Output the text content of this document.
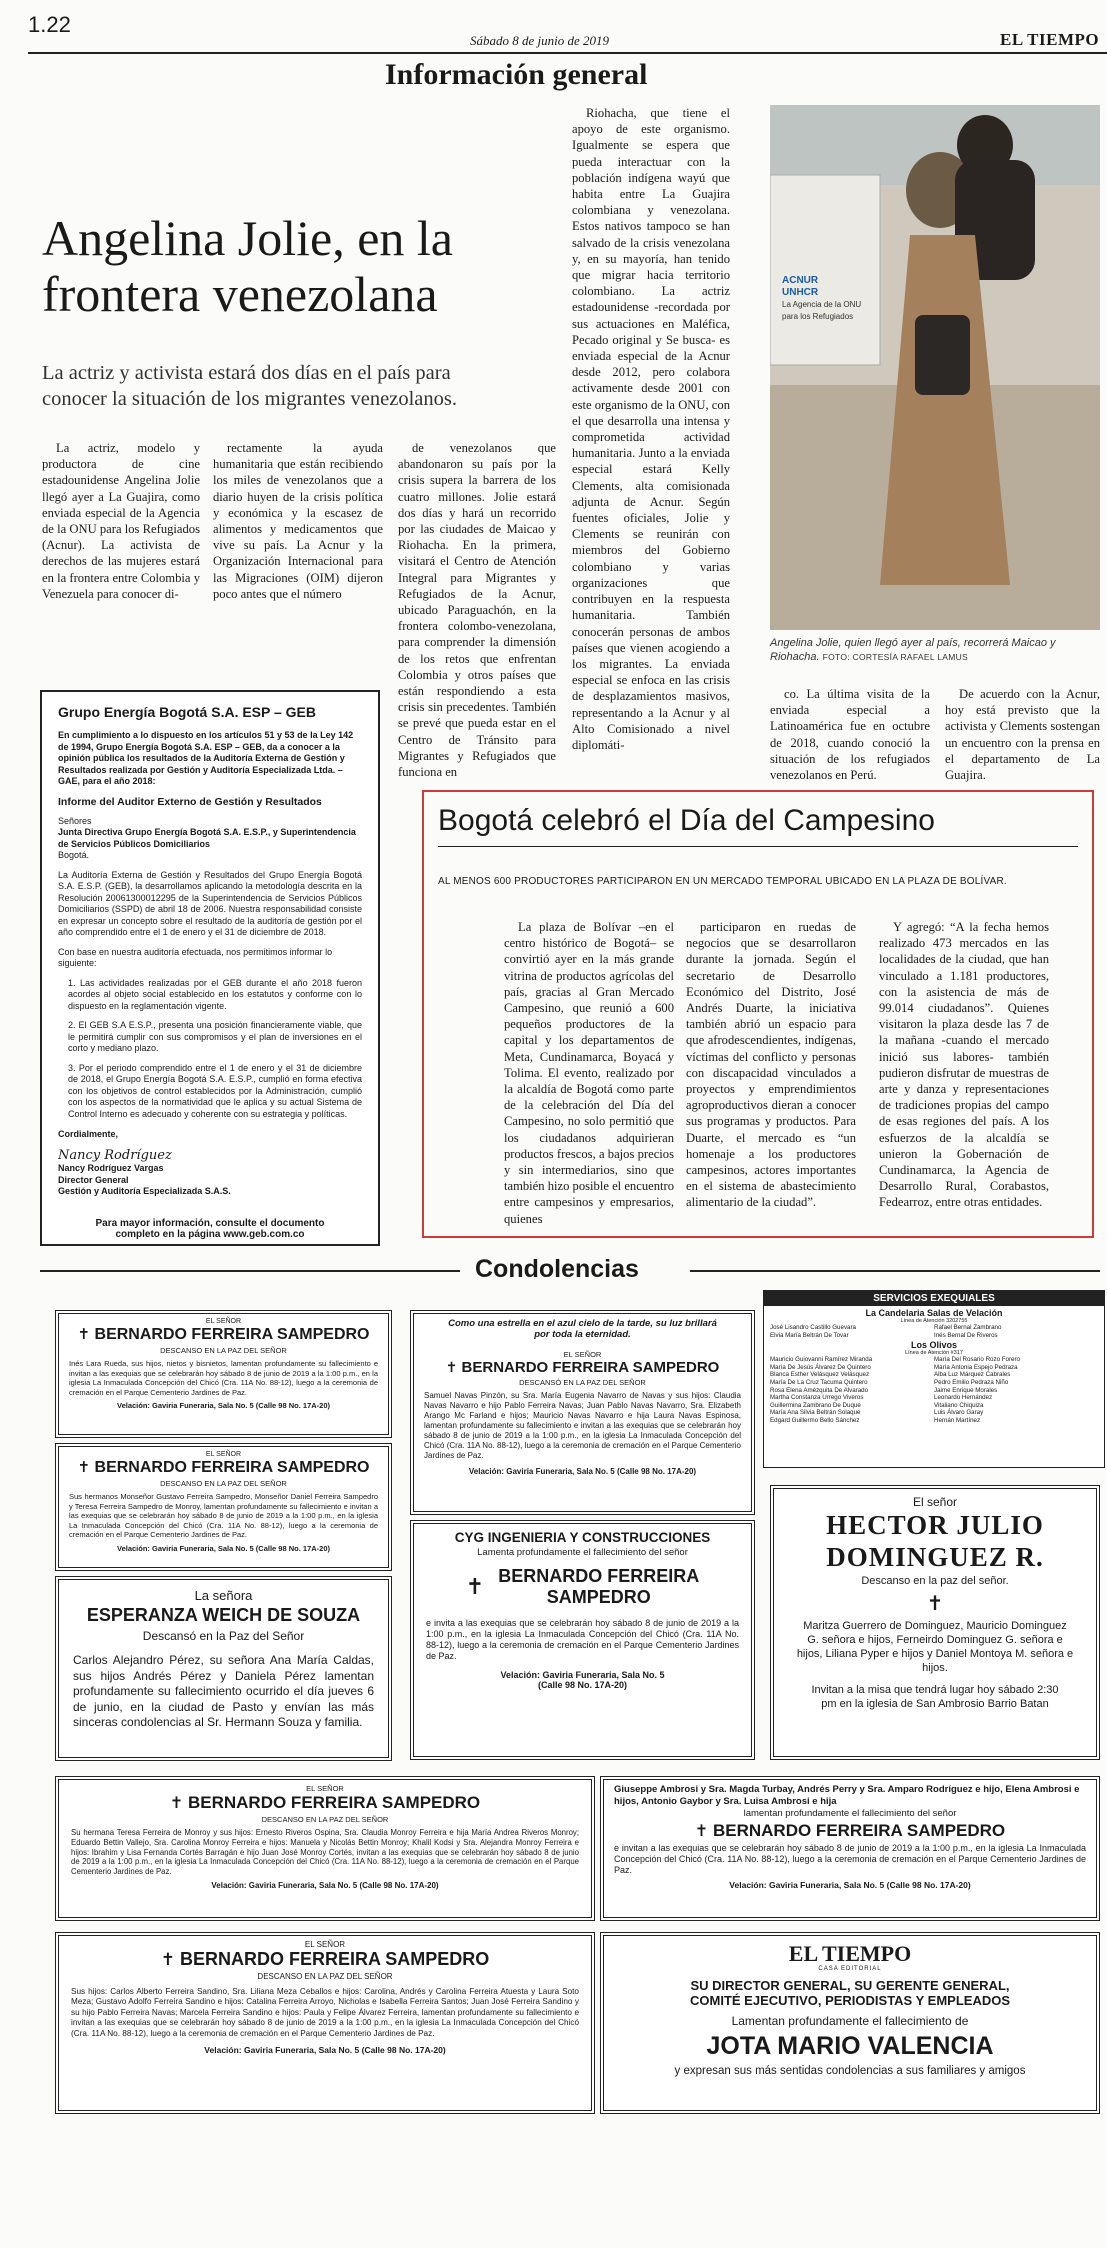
1.22
Sábado 8 de junio de 2019	EL TIEMPO
Información general
Angelina Jolie, en la frontera venezolana
La actriz y activista estará dos días en el país para conocer la situación de los migrantes venezolanos.

La actriz, modelo y productora de cine estadounidense Angelina Jolie llegó ayer a La Guajira, como enviada especial de la Agencia de la ONU para los Refugiados (Acnur). La activista de derechos de las mujeres estará en la frontera entre Colombia y Venezuela para conocer di-

rectamente la ayuda humanitaria que están recibiendo los miles de venezolanos que a diario huyen de la crisis política y económica y la escasez de alimentos y medicamentos que vive su país. La Acnur y la Organización Internacional para las Migraciones (OIM) dijeron poco antes que el número

de venezolanos que abandonaron su país por la crisis supera la barrera de los cuatro millones. Jolie estará dos días y hará un recorrido por las ciudades de Maicao y Riohacha. En la primera, visitará el Centro de Atención Integral para Migrantes y Refugiados de la Acnur, ubicado Paraguachón, en la frontera colombo-venezolana, para comprender la dimensión de los retos que enfrentan Colombia y otros países que están respondiendo a esta crisis sin precedentes. También se prevé que pueda estar en el Centro de Tránsito para Migrantes y Refugiados que funciona en

Riohacha, que tiene el apoyo de este organismo. Igualmente se espera que pueda interactuar con la población indígena wayú que habita entre La Guajira colombiana y venezolana. Estos nativos tampoco se han salvado de la crisis venezolana y, en su mayoría, han tenido que migrar hacia territorio colombiano. La actriz estadounidense -recordada por sus actuaciones en Maléfica, Pecado original y Se busca- es enviada especial de la Acnur desde 2012, pero colabora activamente desde 2001 con este organismo de la ONU, con el que desarrolla una intensa y comprometida actividad humanitaria. Junto a la enviada especial estará Kelly Clements, alta comisionada adjunta de Acnur. Según fuentes oficiales, Jolie y Clements se reunirán con miembros del Gobierno colombiano y varias organizaciones que contribuyen en la respuesta humanitaria. También conocerán personas de ambos países que vienen acogiendo a los migrantes. La enviada especial se enfoca en las crisis de desplazamientos masivos, representando a la Acnur y al Alto Comisionado a nivel diplomáti-

co. La última visita de la enviada especial a Latinoamérica fue en octubre de 2018, cuando conoció la situación de los refugiados venezolanos en Perú.

De acuerdo con la Acnur, hoy está previsto que la activista y Clements sostengan un encuentro con la prensa en el departamento de La Guajira.

ACNUR
UNHCR
La Agencia de la ONU
para los Refugiados
Angelina Jolie, quien llegó ayer al país, recorrerá Maicao y Riohacha. FOTO: CORTESÍA RAFAEL LAMUS
Grupo Energía Bogotá S.A. ESP – GEB
En cumplimiento a lo dispuesto en los artículos 51 y 53 de la Ley 142 de 1994, Grupo Energía Bogotá S.A. ESP – GEB, da a conocer a la opinión pública los resultados de la Auditoría Externa de Gestión y Resultados realizada por Gestión y Auditoría Especializada Ltda. – GAE, para el año 2018:
Informe del Auditor Externo de Gestión y Resultados
Señores
Junta Directiva Grupo Energía Bogotá S.A. E.S.P., y Superintendencia de Servicios Públicos Domiciliarios
Bogotá.
La Auditoría Externa de Gestión y Resultados del Grupo Energía Bogotá S.A. E.S.P. (GEB), la desarrollamos aplicando la metodología descrita en la Resolución 20061300012295 de la Superintendencia de Servicios Públicos Domiciliarios (SSPD) de abril 18 de 2006. Nuestra responsabilidad consiste en expresar un concepto sobre el resultado de la auditoría de gestión por el año comprendido entre el 1 de enero y el 31 de diciembre de 2018.
Con base en nuestra auditoría efectuada, nos permitimos informar lo siguiente:
1. Las actividades realizadas por el GEB durante el año 2018 fueron acordes al objeto social establecido en los estatutos y conforme con lo dispuesto en la reglamentación vigente.
2. El GEB S.A E.S.P., presenta una posición financieramente viable, que le permitirá cumplir con sus compromisos y el plan de inversiones en el corto y mediano plazo.
3. Por el periodo comprendido entre el 1 de enero y el 31 de diciembre de 2018, el Grupo Energía Bogotá S.A. E.S.P., cumplió en forma efectiva con los objetivos de control establecidos por la Administración, cumplió con los aspectos de la normatividad que le aplica y su actual Sistema de Control Interno es adecuado y coherente con su estrategia y políticas.
Cordialmente,
Nancy Rodríguez
Nancy Rodríguez Vargas
Director General
Gestión y Auditoría Especializada S.A.S.
Para mayor información, consulte el documento completo en la página www.geb.com.co
Bogotá celebró el Día del Campesino
AL MENOS 600 PRODUCTORES PARTICIPARON EN UN MERCADO TEMPORAL UBICADO EN LA PLAZA DE BOLÍVAR.

La plaza de Bolívar –en el centro histórico de Bogotá– se convirtió ayer en la más grande vitrina de productos agrícolas del país, gracias al Gran Mercado Campesino, que reunió a 600 pequeños productores de la capital y los departamentos de Meta, Cundinamarca, Boyacá y Tolima. El evento, realizado por la alcaldía de Bogotá como parte de la celebración del Día del Campesino, no solo permitió que los ciudadanos adquirieran productos frescos, a bajos precios y sin intermediarios, sino que también hizo posible el encuentro entre campesinos y empresarios, quienes

participaron en ruedas de negocios que se desarrollaron durante la jornada. Según el secretario de Desarrollo Económico del Distrito, José Andrés Duarte, la iniciativa también abrió un espacio para que afrodescendientes, indígenas, víctimas del conflicto y personas con discapacidad vinculados a proyectos y emprendimientos agroproductivos dieran a conocer sus programas y productos. Para Duarte, el mercado es “un homenaje a los productores campesinos, actores importantes en el sistema de abastecimiento alimentario de la ciudad”.

Y agregó: “A la fecha hemos realizado 473 mercados en las localidades de la ciudad, que han vinculado a 1.181 productores, con la asistencia de más de 99.014 ciudadanos”. Quienes visitaron la plaza desde las 7 de la mañana -cuando el mercado inició sus labores- también pudieron disfrutar de muestras de arte y danza y representaciones de tradiciones propias del campo de esas regiones del país. A los esfuerzos de la alcaldía se unieron la Gobernación de Cundinamarca, la Agencia de Desarrollo Rural, Corabastos, Fedearroz, entre otras entidades.

Condolencias
EL SEÑOR
✝ BERNARDO FERREIRA SAMPEDRO
DESCANSO EN LA PAZ DEL SEÑOR
Inés Lara Rueda, sus hijos, nietos y bisnietos, lamentan profundamente su fallecimiento e invitan a las exequias que se celebrarán hoy sábado 8 de junio de 2019 a la 1:00 p.m., en la iglesia La Inmaculada Concepción del Chicó (Cra. 11A No. 88-12), luego a la ceremonia de cremación en el Parque Cementerio Jardines de Paz.
Velación: Gaviria Funeraria, Sala No. 5 (Calle 98 No. 17A-20)
EL SEÑOR
✝ BERNARDO FERREIRA SAMPEDRO
DESCANSO EN LA PAZ DEL SEÑOR
Sus hermanos Monseñor Gustavo Ferreira Sampedro, Monseñor Daniel Ferreira Sampedro y Teresa Ferreira Sampedro de Monroy, lamentan profundamente su fallecimiento e invitan a las exequias que se celebrarán hoy sábado 8 de junio de 2019 a la 1:00 p.m., en la iglesia La Inmaculada Concepción del Chicó (Cra. 11A No. 88-12), luego a la ceremonia de cremación en el Parque Cementerio Jardines de Paz.
Velación: Gaviria Funeraria, Sala No. 5 (Calle 98 No. 17A-20)
La señora
ESPERANZA WEICH DE SOUZA
Descansó en la Paz del Señor
Carlos Alejandro Pérez, su señora Ana María Caldas, sus hijos Andrés Pérez y Daniela Pérez lamentan profundamente su fallecimiento ocurrido el día jueves 6 de junio, en la ciudad de Pasto y envían las más sinceras condolencias al Sr. Hermann Souza y familia.
Como una estrella en el azul cielo de la tarde, su luz brillará por toda la eternidad.
EL SEÑOR
✝ BERNARDO FERREIRA SAMPEDRO
DESCANSÓ EN LA PAZ DEL SEÑOR
Samuel Navas Pinzón, su Sra. María Eugenia Navarro de Navas y sus hijos: Claudia Navas Navarro e hijo Pablo Ferreira Navas; Juan Pablo Navas Navarro, Sra. Elizabeth Arango Mc Farland e hijos; Mauricio Navas Navarro e hija Laura Navas Espinosa, lamentan profundamente su fallecimiento e invitan a las exequias que se celebrarán hoy sábado 8 de junio de 2019 a la 1:00 p.m., en la iglesia La Inmaculada Concepción del Chicó (Cra. 11A No. 88-12), luego a la ceremonia de cremación en el Parque Cementerio Jardines de Paz.
Velación: Gaviria Funeraria, Sala No. 5 (Calle 98 No. 17A-20)
CYG INGENIERIA Y CONSTRUCCIONES
Lamenta profundamente el fallecimiento del señor
✝ BERNARDO FERREIRA
SAMPEDRO
e invita a las exequias que se celebrarán hoy sábado 8 de junio de 2019 a la 1:00 p.m., en la iglesia La Inmaculada Concepción del Chicó (Cra. 11A No. 88-12), luego a la ceremonia de cremación en el Parque Cementerio Jardines de Paz.
Velación: Gaviria Funeraria, Sala No. 5
(Calle 98 No. 17A-20)
SERVICIOS EXEQUIALES
La Candelaria Salas de Velación
Línea de Atención 3202755
José Lisandro Castillo Guevara
Elvia María Beltrán De Tovar
Rafael Bernal Zambrano
Inés Bernal De Riveros
Los Olivos
Línea de Atención #317
Mauricio Guiovanni Ramírez Miranda
María De Jesús Álvarez De Quintero
Blanca Esther Velásquez Velásquez
María De La Cruz Tacuma Quintero
Rosa Elena Amézquita De Alvarado
Martha Constanza Urrego Viveros
Guillermina Zambrano De Duque
María Ana Silvia Beltrán Solaque
Edgard Guillermo Bello Sánchez
María Del Rosario Rozo Forero
María Antonia Espejo Pedraza
Alba Luz Márquez Cabrales
Pedro Emilio Pedraza Niño
Jaime Enrique Morales
Leonardo Hernández
Vitaliano Chiquiza
Luis Álvaro Garay
Hernán Martínez
El señor
HECTOR JULIO
DOMINGUEZ R.
Descanso en la paz del señor.
✝
Maritza Guerrero de Dominguez, Mauricio Dominguez G. señora e hijos, Ferneirdo Dominguez G. señora e hijos, Liliana Pyper e hijos y Daniel Montoya M. señora e hijos.
Invitan a la misa que tendrá lugar hoy sábado 2:30 pm en la iglesia de San Ambrosio Barrio Batan
EL SEÑOR
✝ BERNARDO FERREIRA SAMPEDRO
DESCANSO EN LA PAZ DEL SEÑOR
Su hermana Teresa Ferreira de Monroy y sus hijos: Ernesto Riveros Ospina, Sra. Claudia Monroy Ferreira e hija María Andrea Riveros Monroy; Eduardo Bettin Vallejo, Sra. Carolina Monroy Ferreira e hijos: Manuela y Nicolás Bettin Monroy; Khalil Kodsi y Sra. Alejandra Monroy Ferreira e hijos: Ibrahim y Lisa Fernanda Cortés Barragán e hijo Juan José Monroy Cortés, invitan a las exequias que se celebrarán hoy sábado 8 de junio de 2019 a la 1:00 p.m., en la iglesia La Inmaculada Concepción del Chicó (Cra. 11A No. 88-12), luego a la ceremonia de cremación en el Parque Cementerio Jardines de Paz.
Velación: Gaviria Funeraria, Sala No. 5 (Calle 98 No. 17A-20)
Giuseppe Ambrosi y Sra. Magda Turbay, Andrés Perry y Sra. Amparo Rodríguez e hijo, Elena Ambrosi e hijos, Antonio Gaybor y Sra. Luisa Ambrosi e hija
lamentan profundamente el fallecimiento del señor
✝ BERNARDO FERREIRA SAMPEDRO
e invitan a las exequias que se celebrarán hoy sábado 8 de junio de 2019 a la 1:00 p.m., en la iglesia La Inmaculada Concepción del Chicó (Cra. 11A No. 88-12), luego a la ceremonia de cremación en el Parque Cementerio Jardines de Paz.
Velación: Gaviria Funeraria, Sala No. 5 (Calle 98 No. 17A-20)
EL SEÑOR
✝ BERNARDO FERREIRA SAMPEDRO
DESCANSO EN LA PAZ DEL SEÑOR
Sus hijos: Carlos Alberto Ferreira Sandino, Sra. Liliana Meza Ceballos e hijos: Carolina, Andrés y Carolina Ferreira Atuesta y Laura Soto Meza; Gustavo Adolfo Ferreira Sandino e hijos: Catalina Ferreira Arroyo, Nicholas e Isabella Ferreira Santos; Juan José Ferreira Sandino y su hijo Pablo Ferreira Navas; Marcela Ferreira Sandino e hijos: Paula y Felipe Álvarez Ferreira, lamentan profundamente su fallecimiento e invitan a las exequias que se celebrarán hoy sábado 8 de junio de 2019 a la 1:00 p.m., en la iglesia La Inmaculada Concepción del Chicó (Cra. 11A No. 88-12), luego a la ceremonia de cremación en el Parque Cementerio Jardines de Paz.
Velación: Gaviria Funeraria, Sala No. 5 (Calle 98 No. 17A-20)
EL TIEMPO
CASA EDITORIAL
SU DIRECTOR GENERAL, SU GERENTE GENERAL,
COMITÉ EJECUTIVO, PERIODISTAS Y EMPLEADOS
Lamentan profundamente el fallecimiento de
JOTA MARIO VALENCIA
y expresan sus más sentidas condolencias a sus familiares y amigos
